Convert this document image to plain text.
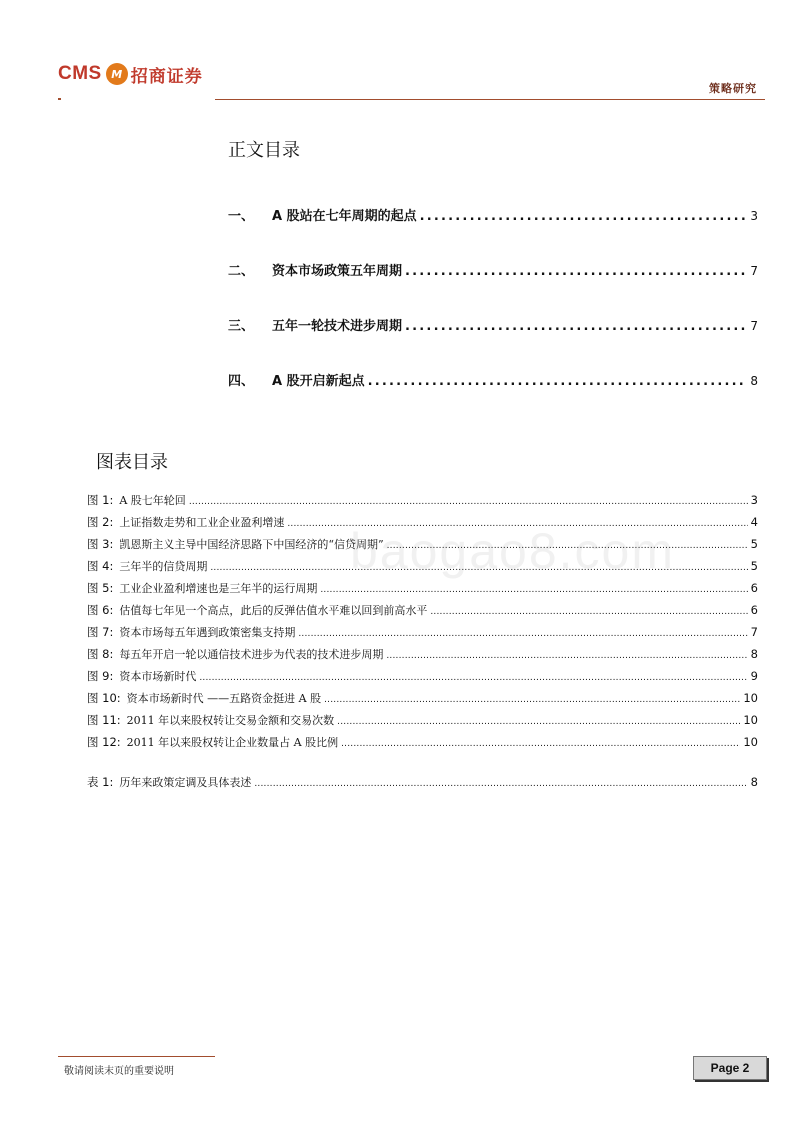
CMS M 招商证券
策略研究
正文目录
一、	A 股站在七年周期的起点 .....	3
二、	资本市场政策五年周期 .....	7
三、	五年一轮技术进步周期 .....	7
四、	A 股开启新起点 .....	8
图表目录
图 1: A 股七年轮回 .....	3
图 2: 上证指数走势和工业企业盈利增速 .....	4
图 3: 凯恩斯主义主导中国经济思路下中国经济的“信贷周期” .....	5
图 4: 三年半的信贷周期 .....	5
图 5: 工业企业盈利增速也是三年半的运行周期 .....	6
图 6: 估值每七年见一个高点，此后的反弹估值水平难以回到前高水平 .....	6
图 7: 资本市场每五年遇到政策密集支持期 .....	7
图 8: 每五年开启一轮以通信技术进步为代表的技术进步周期 .....	8
图 9: 资本市场新时代 .....	9
图 10: 资本市场新时代 ——五路资金挺进 A 股 .....	10
图 11: 2011 年以来股权转让交易金额和交易次数 .....	10
图 12: 2011 年以来股权转让企业数量占 A 股比例 .....	10
表 1: 历年来政策定调及具体表述 .....	8
baogao8.com
敬请阅读末页的重要说明	Page 2
